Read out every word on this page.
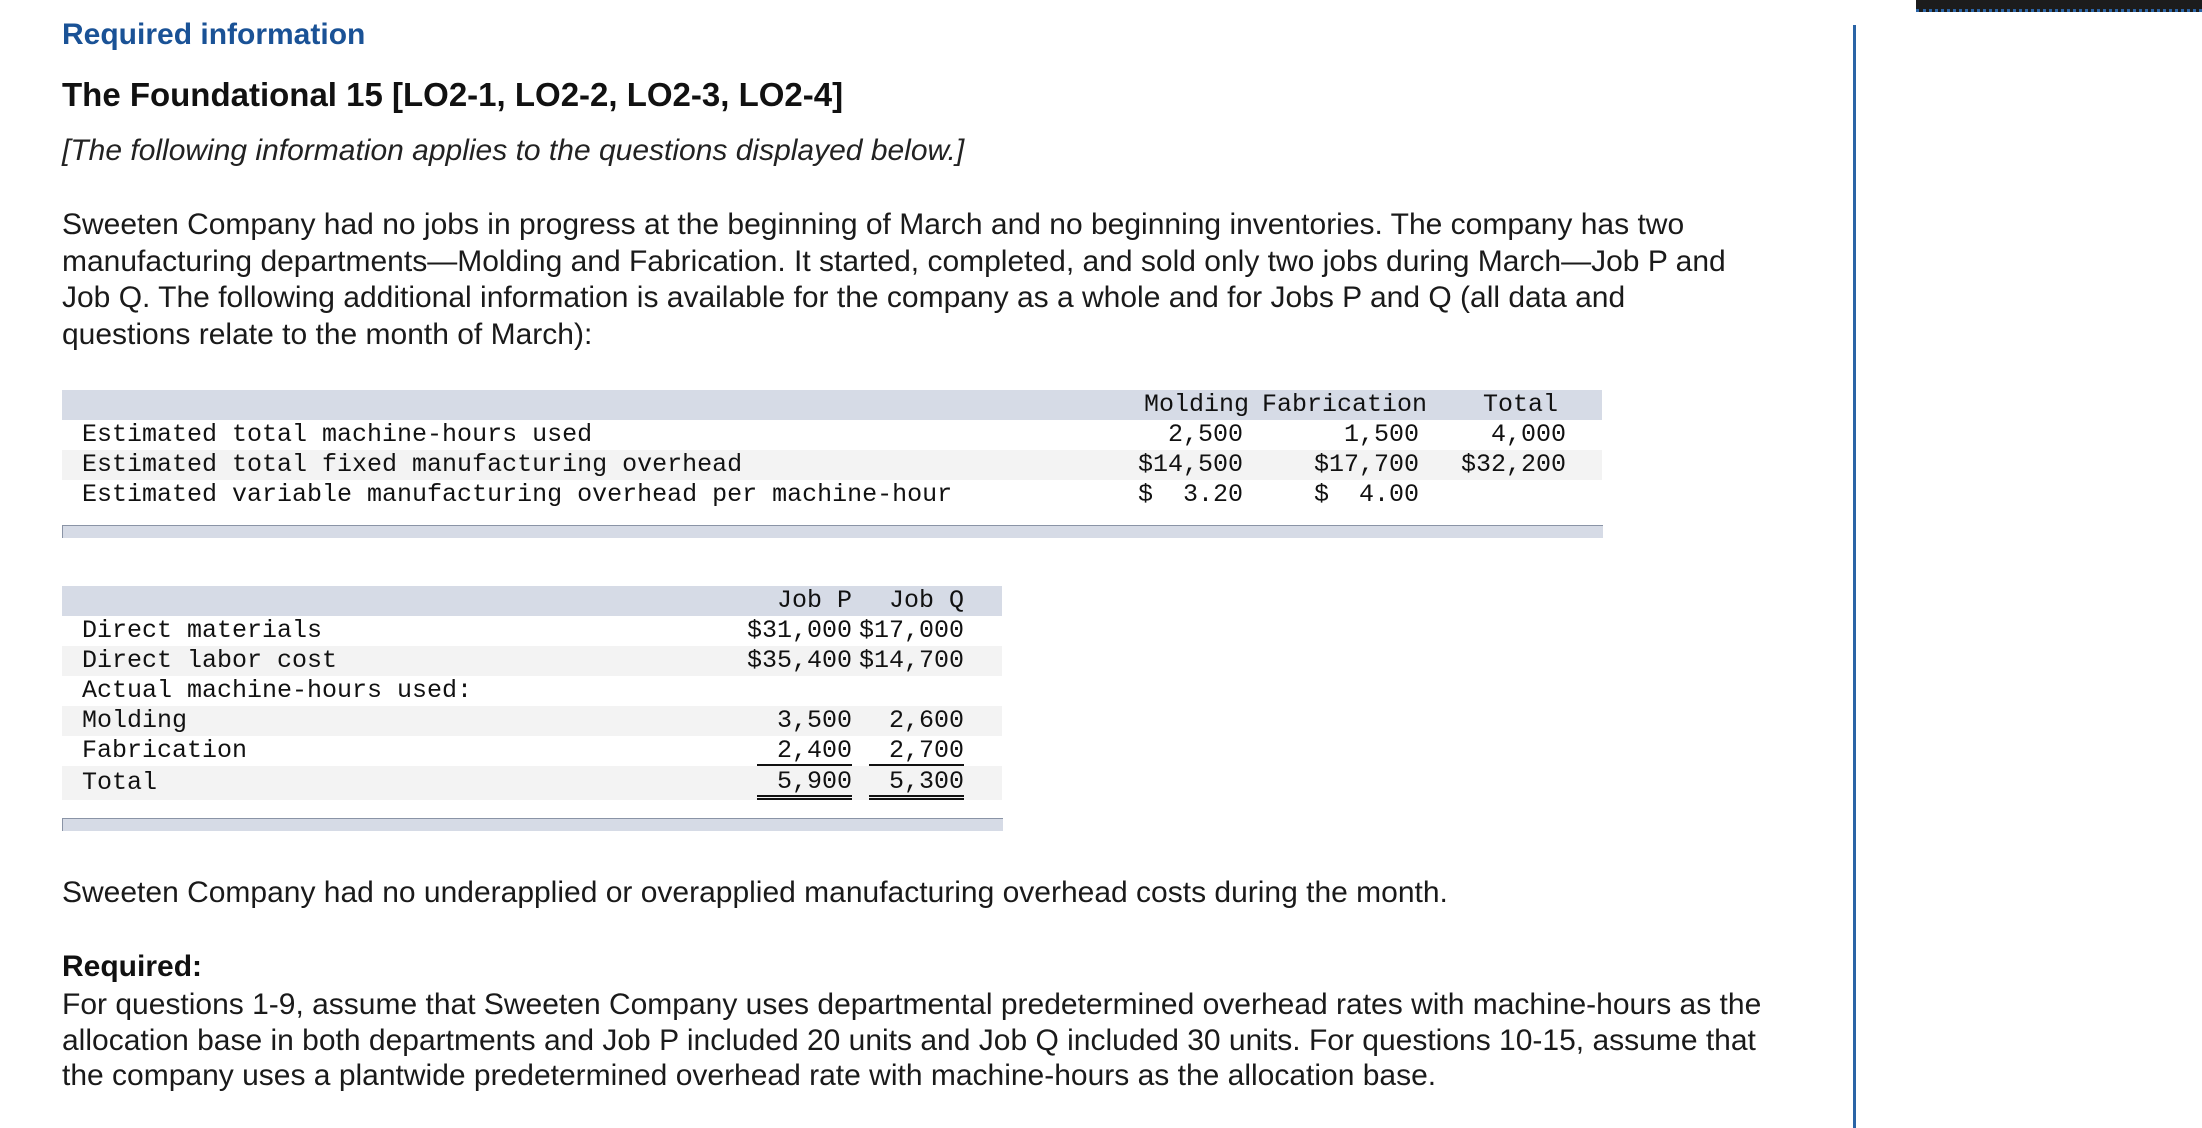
Required information
The Foundational 15 [LO2-1, LO2-2, LO2-3, LO2-4]
[The following information applies to the questions displayed below.]

Sweeten Company had no jobs in progress at the beginning of March and no beginning inventories. The company has two manufacturing departments—Molding and Fabrication. It started, completed, and sold only two jobs during March—Job P and Job Q. The following additional information is available for the company as a whole and for Jobs P and Q (all data and questions relate to the month of March):

	Molding	Fabrication	Total
Estimated total machine-hours used	2,500	1,500	4,000
Estimated total fixed manufacturing overhead	$14,500	$17,700	$32,200
Estimated variable manufacturing overhead per machine-hour	$  3.20	$  4.00	
	Job P	Job Q
Direct materials	$31,000	$17,000
Direct labor cost	$35,400	$14,700
Actual machine-hours used:		
Molding	3,500	2,600
Fabrication	2,400	2,700
Total	5,900	5,300
Sweeten Company had no underapplied or overapplied manufacturing overhead costs during the month.
Required:

For questions 1-9, assume that Sweeten Company uses departmental predetermined overhead rates with machine-hours as the allocation base in both departments and Job P included 20 units and Job Q included 30 units. For questions 10-15, assume that the company uses a plantwide predetermined overhead rate with machine-hours as the allocation base.
